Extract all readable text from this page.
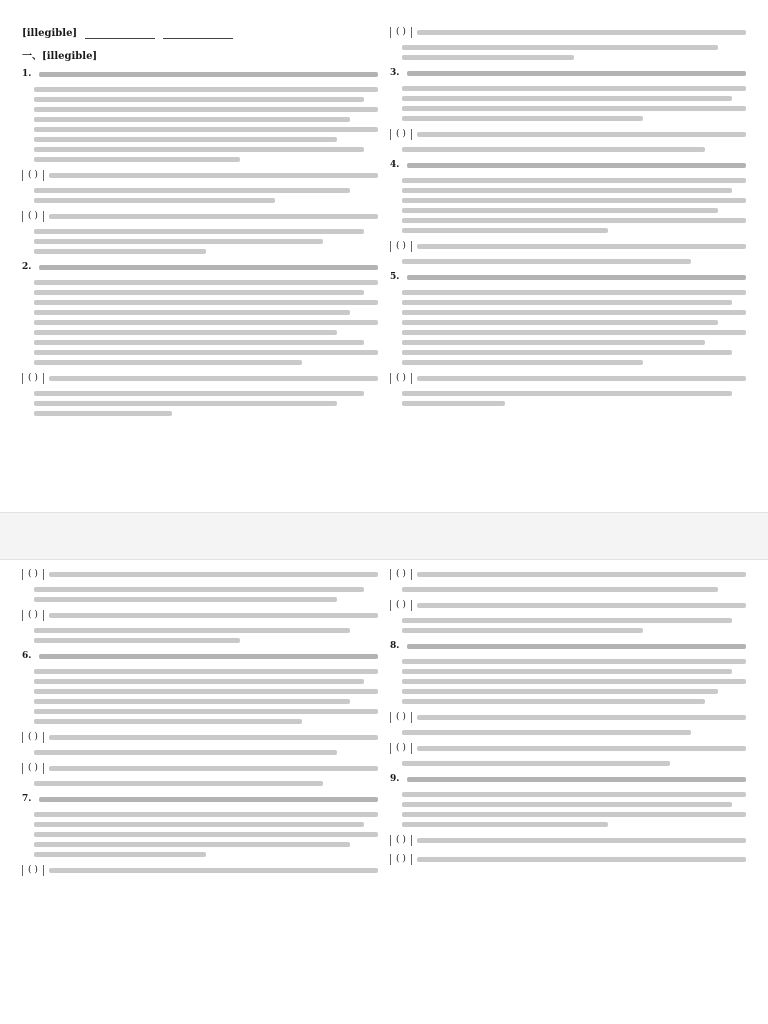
[illegible]
一、[illegible]
1.
( )
( )
2.
( )
( )
3.
( )
4.
( )
5.
( )
( )
( )
6.
( )
( )
7.
( )
( )
( )
8.
( )
( )
9.
( )
( )
